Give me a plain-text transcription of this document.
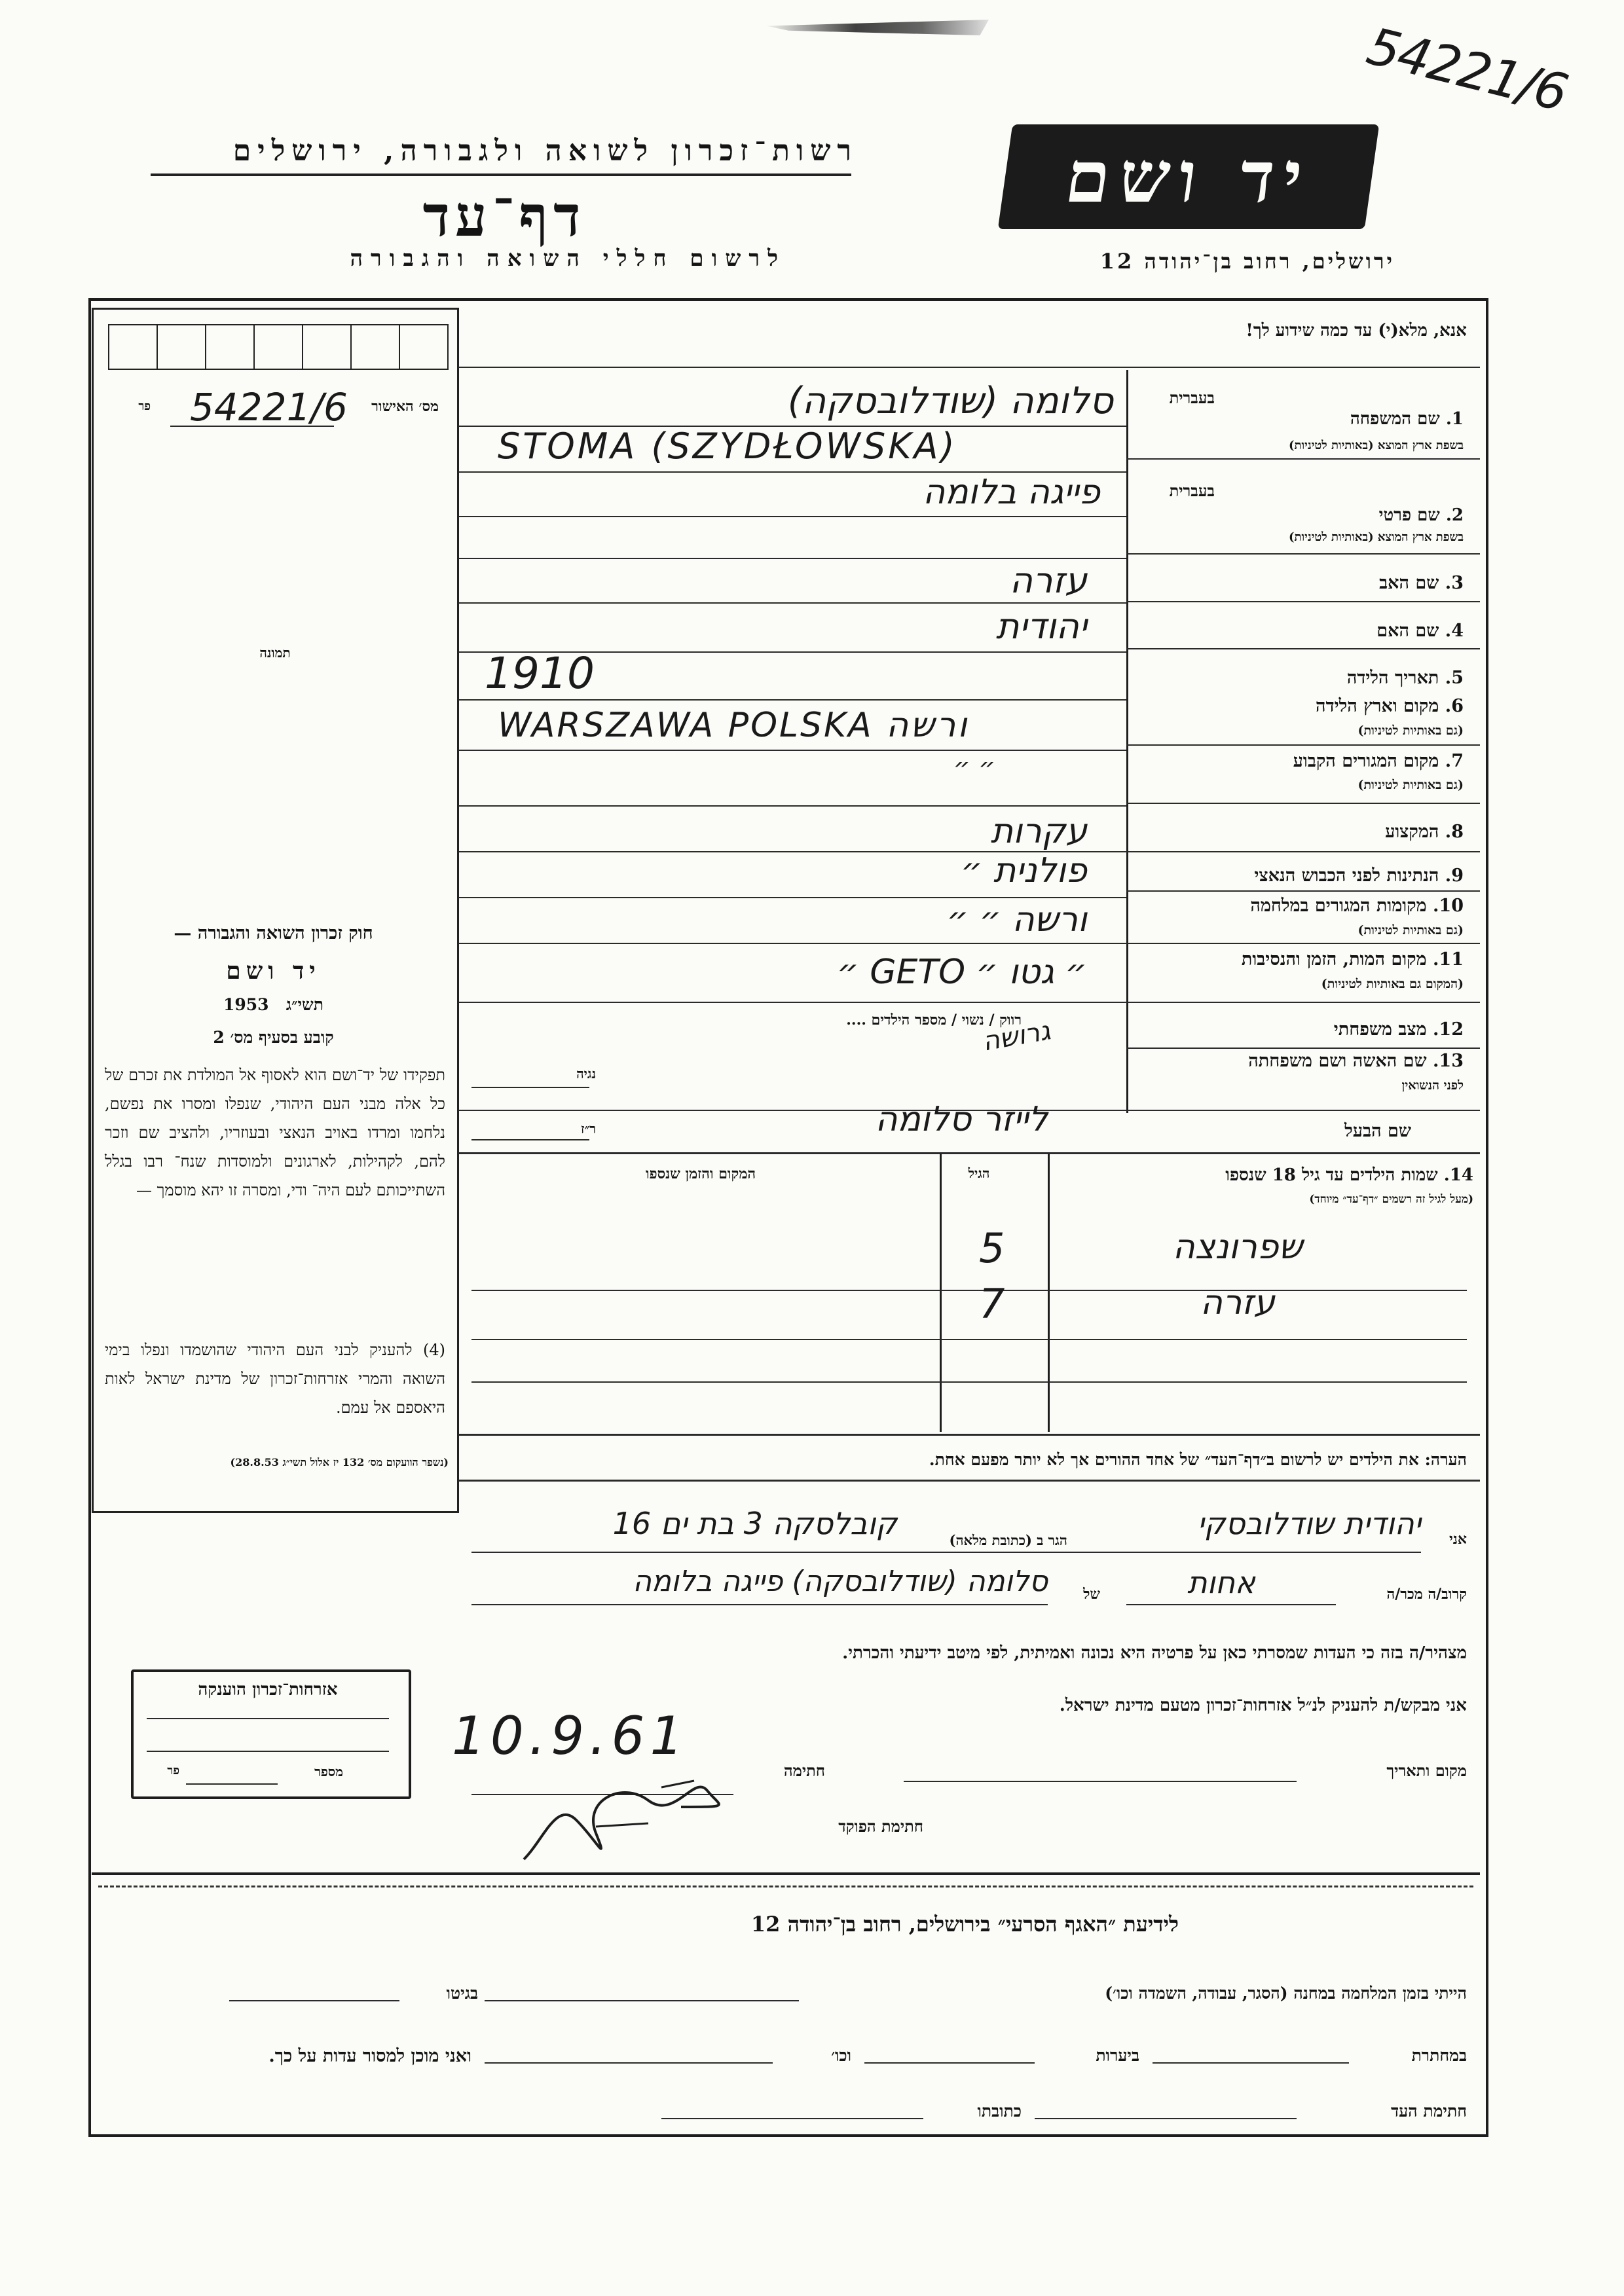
54221/6
רשות־זכרון לשואה ולגבורה, ירושלים
דף־עד
לרשום חללי השואה והגבורה
יד ושם
ירושלים, רחוב בן־יהודה 12
מס׳ האישור
54221/6
פר
תמונה
חוק זכרון השואה והגבורה —
יד ושם
תשי״ג   1953
קובע בסעיף מס׳ 2
תפקידו של יד־ושם הוא לאסוף אל המולדת את זכרם של כל אלה מבני העם היהודי, שנפלו ומסרו את נפשם, נלחמו ומרדו באויב הנאצי ובעוזריו, ולהציב שם וזכר להם, לקהילות, לארגונים ולמוסדות שנח־ רבו בגלל השתייכותם לעם היה־ ודי, ומסרה זו יהא מוסמך —
(4) להעניק לבני העם היהודי שהושמדו ונפלו בימי השואה והמרי אזרחות־זכרון של מדינת ישראל לאות היאספם אל עמם.
(נשפר הוועקום מס׳ 132 יז אלול תשי״ג 28.8.53)
אנא, מלא(י) עד כמה שידוע לך!
בעברית
1. שם המשפחה
בשפת ארץ המוצא (באותיות לטיניות)
בעברית
2. שם פרטי
בשפת ארץ המוצא (באותיות לטיניות)
3. שם האב
4. שם האם
5. תאריך הלידה
6. מקום וארץ הלידה
(גם באותיות לטיניות)
7. מקום המגורים הקבוע
(גם באותיות לטיניות)
8. המקצוע
9. הנתינות לפני הכבוש הנאצי
10. מקומות המגורים במלחמה
(גם באותיות לטיניות)
11. מקום המות, הזמן והנסיבות
(המקום גם באותיות לטיניות)
12. מצב משפחתי
13. שם האשה ושם משפחתה
לפני הנשואין
שם הבעל
סלומה (שודלובסקה)
STOMA (SZYDŁOWSKA)
פייגה בלומה
עזרה
יהודית
1910
WARSZAWA POLSKA ורשה
״ ״
עקרות
פולנית ״
ורשה ״ ״
״ גטו ״ GETO ״
רווק / נשוי / מספר הילדים ....
גרושה
נגיה
ר״ז	לייזר סלומה
14. שמות הילדים עד גיל 18 שנספו
(מעל לגיל זה רשמים ״דף־עד״ מיוחד)
הגיל
המקום והזמן שנספו
שפרונצה
5
עזרה
7
הערה: את הילדים יש לרשום ב״דף־העד״ של אחד ההורים אך לא יותר מפעם אחת.
אני
יהודית שודלובסקי
הגר ב (כתובת מלאה)
קובלסקה 3 בת ים 16
קרוב/ה מכר/ה
אחות
של
סלומה (שודלובסקה) פייגה בלומה
מצהיר/ה בזה כי העדות שמסרתי כאן על פרטיה היא נכונה ואמיתית, לפי מיטב ידיעתי והכרתי.
אני מבקש/ת להעניק לנ״ל אזרחות־זכרון מטעם מדינת ישראל.
מקום ותאריך
חתימה
חתימת הפוקד
אזרחות־זכרון הוענקה
מספר
פר
10.9.61
לידיעת ״האגף הסרעי״ בירושלים, רחוב בן־יהודה 12
הייתי בזמן המלחמה במחנה (הסגר, עבודה, השמדה וכו׳)
בגיטו
במחתרת
ביערות
וכו׳
ואני מוכן למסור עדות על כך.
חתימת העד
כתובתו
